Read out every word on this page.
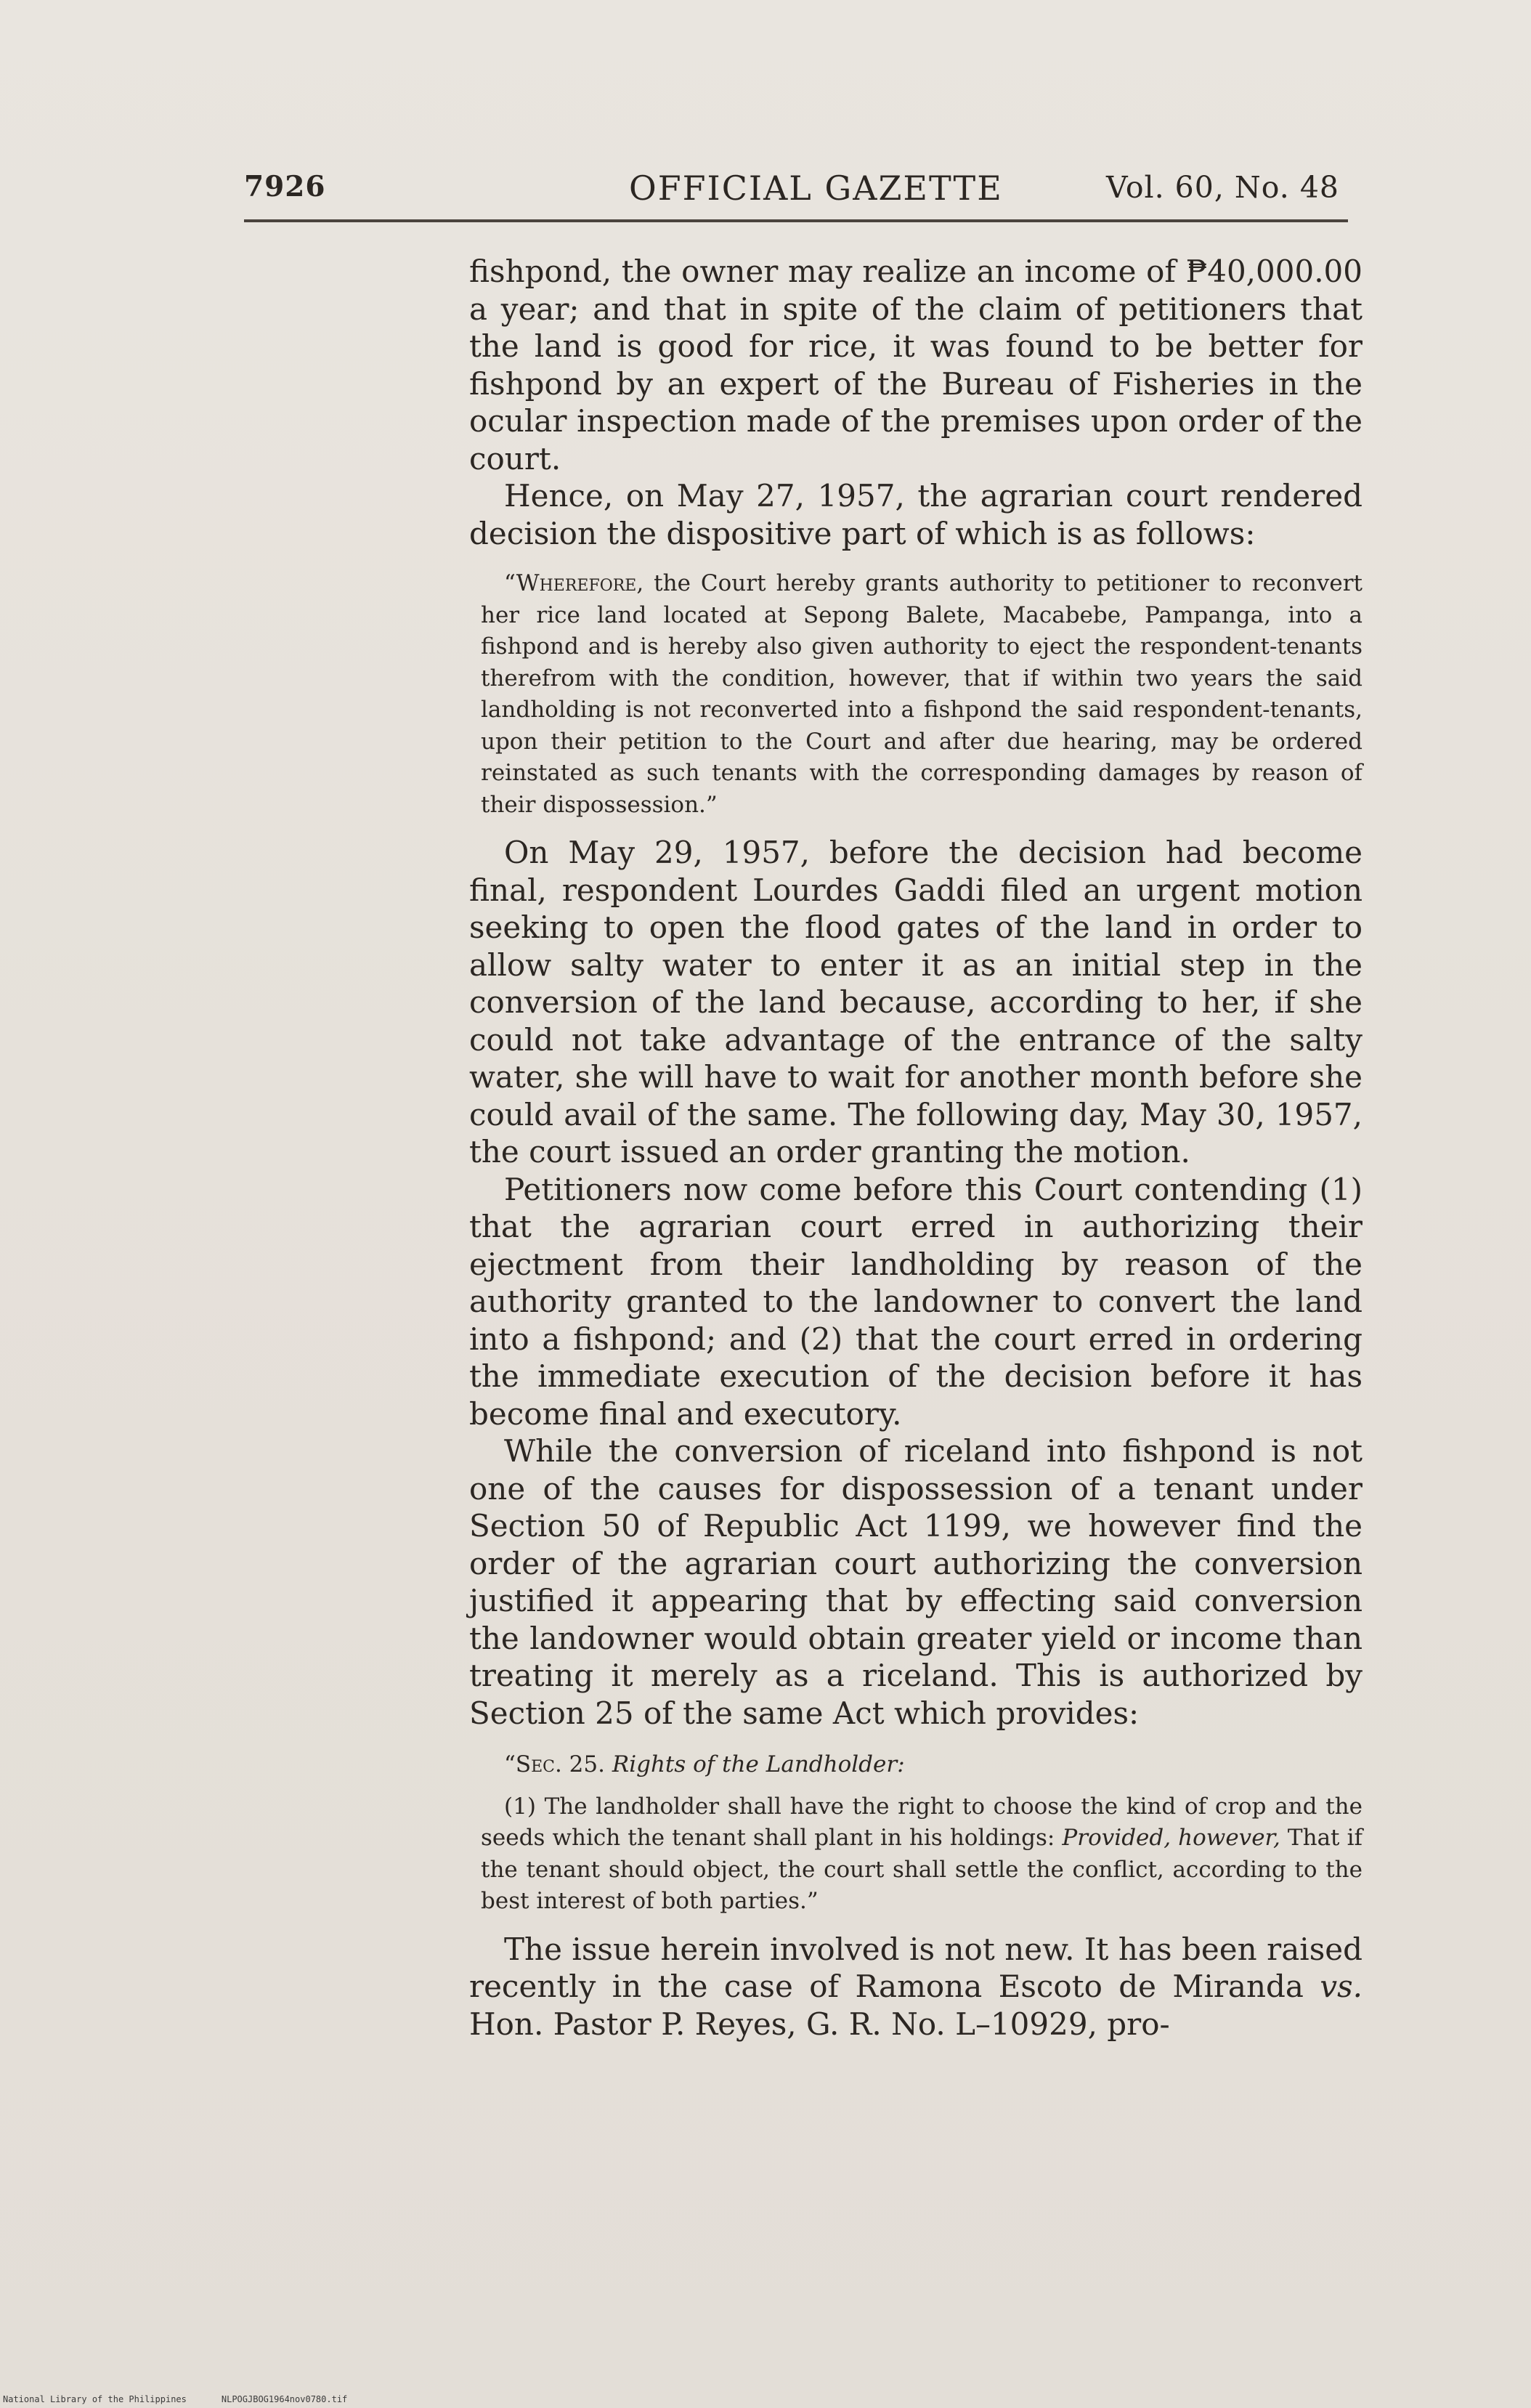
7926	OFFICIAL GAZETTE	Vol. 60, No. 48

fishpond, the owner may realize an income of ₱40,000.00 a year; and that in spite of the claim of petitioners that the land is good for rice, it was found to be better for fishpond by an expert of the Bureau of Fisheries in the ocular inspection made of the premises upon order of the court.

Hence, on May 27, 1957, the agrarian court rendered decision the dispositive part of which is as follows:

“Wherefore, the Court hereby grants authority to petitioner to reconvert her rice land located at Sepong Balete, Macabebe, Pampanga, into a fishpond and is hereby also given authority to eject the respondent-tenants therefrom with the condition, however, that if within two years the said landholding is not reconverted into a fishpond the said respondent-tenants, upon their petition to the Court and after due hearing, may be ordered reinstated as such tenants with the corresponding damages by reason of their dispossession.”

On May 29, 1957, before the decision had become final, respondent Lourdes Gaddi filed an urgent motion seeking to open the flood gates of the land in order to allow salty water to enter it as an initial step in the conversion of the land because, according to her, if she could not take advantage of the entrance of the salty water, she will have to wait for another month before she could avail of the same. The following day, May 30, 1957, the court issued an order granting the motion.

Petitioners now come before this Court contending (1) that the agrarian court erred in authorizing their ejectment from their landholding by reason of the authority granted to the landowner to convert the land into a fishpond; and (2) that the court erred in ordering the immediate execution of the decision before it has become final and executory.

While the conversion of riceland into fishpond is not one of the causes for dispossession of a tenant under Section 50 of Republic Act 1199, we however find the order of the agrarian court authorizing the conversion justified it appearing that by effecting said conversion the landowner would obtain greater yield or income than treating it merely as a riceland. This is authorized by Section 25 of the same Act which provides:

“Sec. 25. Rights of the Landholder:

(1) The landholder shall have the right to choose the kind of crop and the seeds which the tenant shall plant in his holdings: Provided, however, That if the tenant should object, the court shall settle the conflict, according to the best interest of both parties.”

The issue herein involved is not new. It has been raised recently in the case of Ramona Escoto de Miranda vs. Hon. Pastor P. Reyes, G. R. No. L–10929, pro-

National Library of the Philippines	NLPOGJBOG1964nov0780.tif
